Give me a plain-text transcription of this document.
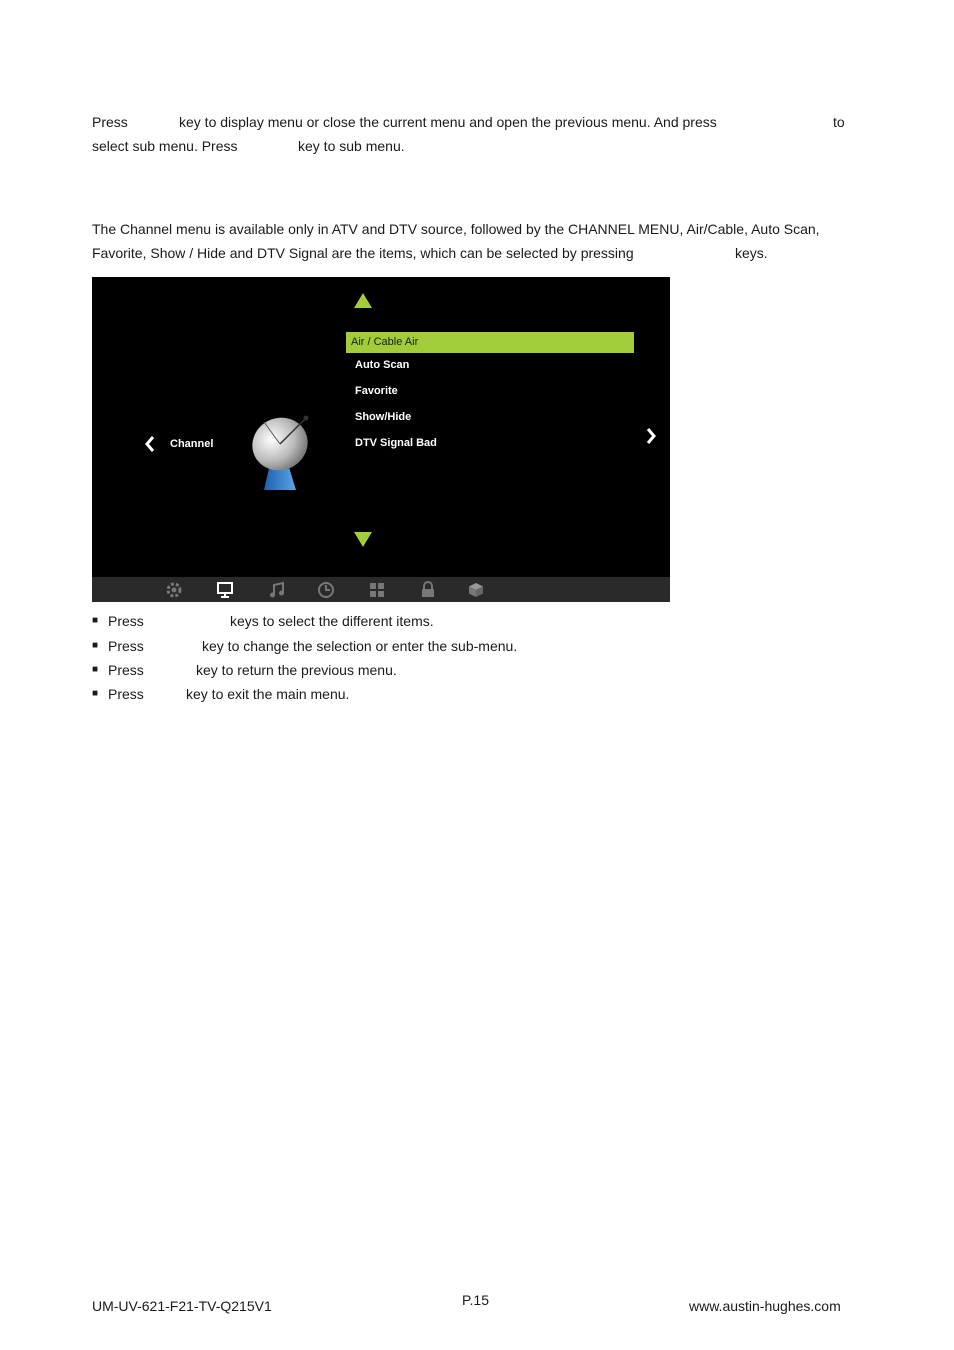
Press	key to display menu or close the current menu and open the previous menu. And press	to
select sub menu. Press	key to sub menu.
The Channel menu is available only in ATV and DTV source, followed by the CHANNEL MENU, Air/Cable, Auto Scan,
Favorite, Show / Hide and DTV Signal are the items, which can be selected by pressing	keys.
Air / Cable Air
Auto Scan
Favorite
Show/Hide
DTV Signal Bad
Channel
■ Press	keys to select the different items.
■ Press	key to change the selection or enter the sub-menu.
■ Press	key to return the previous menu.
■ Press	key to exit the main menu.
UM-UV-621-F21-TV-Q215V1	P.15	www.austin-hughes.com
